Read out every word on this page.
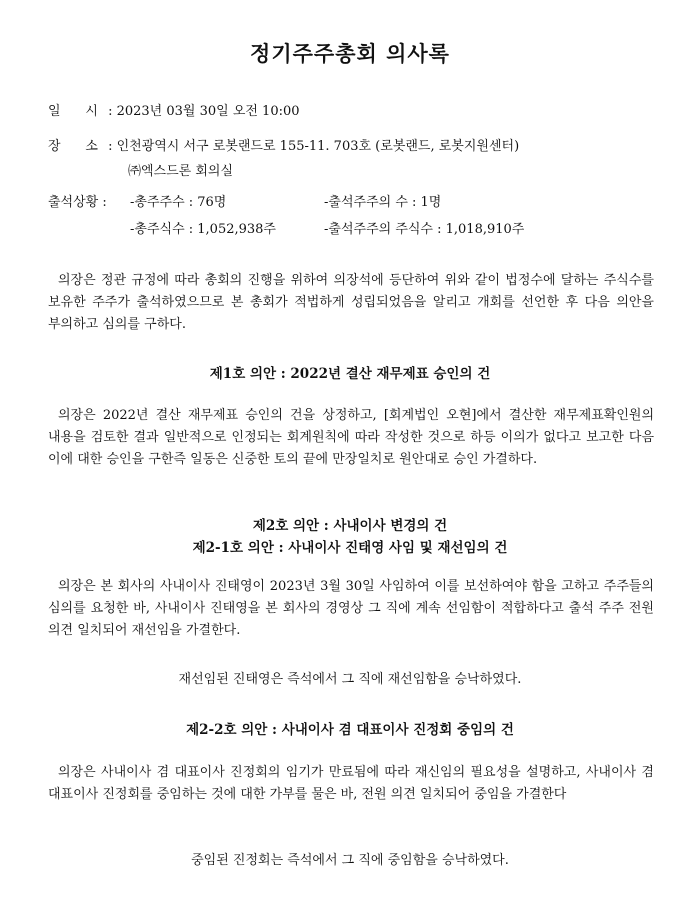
정기주주총회 의사록
일      시 : 2023년 03월 30일 오전 10:00
장      소 : 인천광역시 서구 로봇랜드로 155-11. 703호 (로봇랜드, 로봇지원센터)
㈜엑스드론 회의실
출석상황 : -총주주수 : 76명	-출석주주의 수 : 1명
-총주식수 : 1,052,938주	-출석주주의 주식수 : 1,018,910주
의장은 정관 규정에 따라 총회의 진행을 위하여 의장석에 등단하여 위와 같이 법정수에 달하는 주식수를 보유한 주주가 출석하였으므로 본 총회가 적법하게 성립되었음을 알리고 개회를 선언한 후 다음 의안을 부의하고 심의를 구하다.
제1호 의안 : 2022년 결산 재무제표 승인의 건
의장은 2022년 결산 재무제표 승인의 건을 상정하고, [회계법인 오현]에서 결산한 재무제표확인원의 내용을 검토한 결과 일반적으로 인정되는 회계원칙에 따라 작성한 것으로 하등 이의가 없다고 보고한 다음 이에 대한 승인을 구한즉 일동은 신중한 토의 끝에 만장일치로 원안대로 승인 가결하다.
제2호 의안 : 사내이사 변경의 건
제2-1호 의안 : 사내이사 진태영 사임 및 재선임의 건
의장은 본 회사의 사내이사 진태영이 2023년 3월 30일 사임하여 이를 보선하여야 함을 고하고 주주들의 심의를 요청한 바, 사내이사 진태영을 본 회사의 경영상 그 직에 계속 선임함이 적합하다고 출석 주주 전원 의견 일치되어 재선임을 가결한다.
재선임된 진태영은 즉석에서 그 직에 재선임함을 승낙하였다.
제2-2호 의안 : 사내이사 겸 대표이사 진정회 중임의 건
의장은 사내이사 겸 대표이사 진정회의 임기가 만료됨에 따라 재신임의 필요성을 설명하고, 사내이사 겸 대표이사 진정회를 중임하는 것에 대한 가부를 물은 바, 전원 의견 일치되어 중임을 가결한다
중임된 진정회는 즉석에서 그 직에 중임함을 승낙하였다.
